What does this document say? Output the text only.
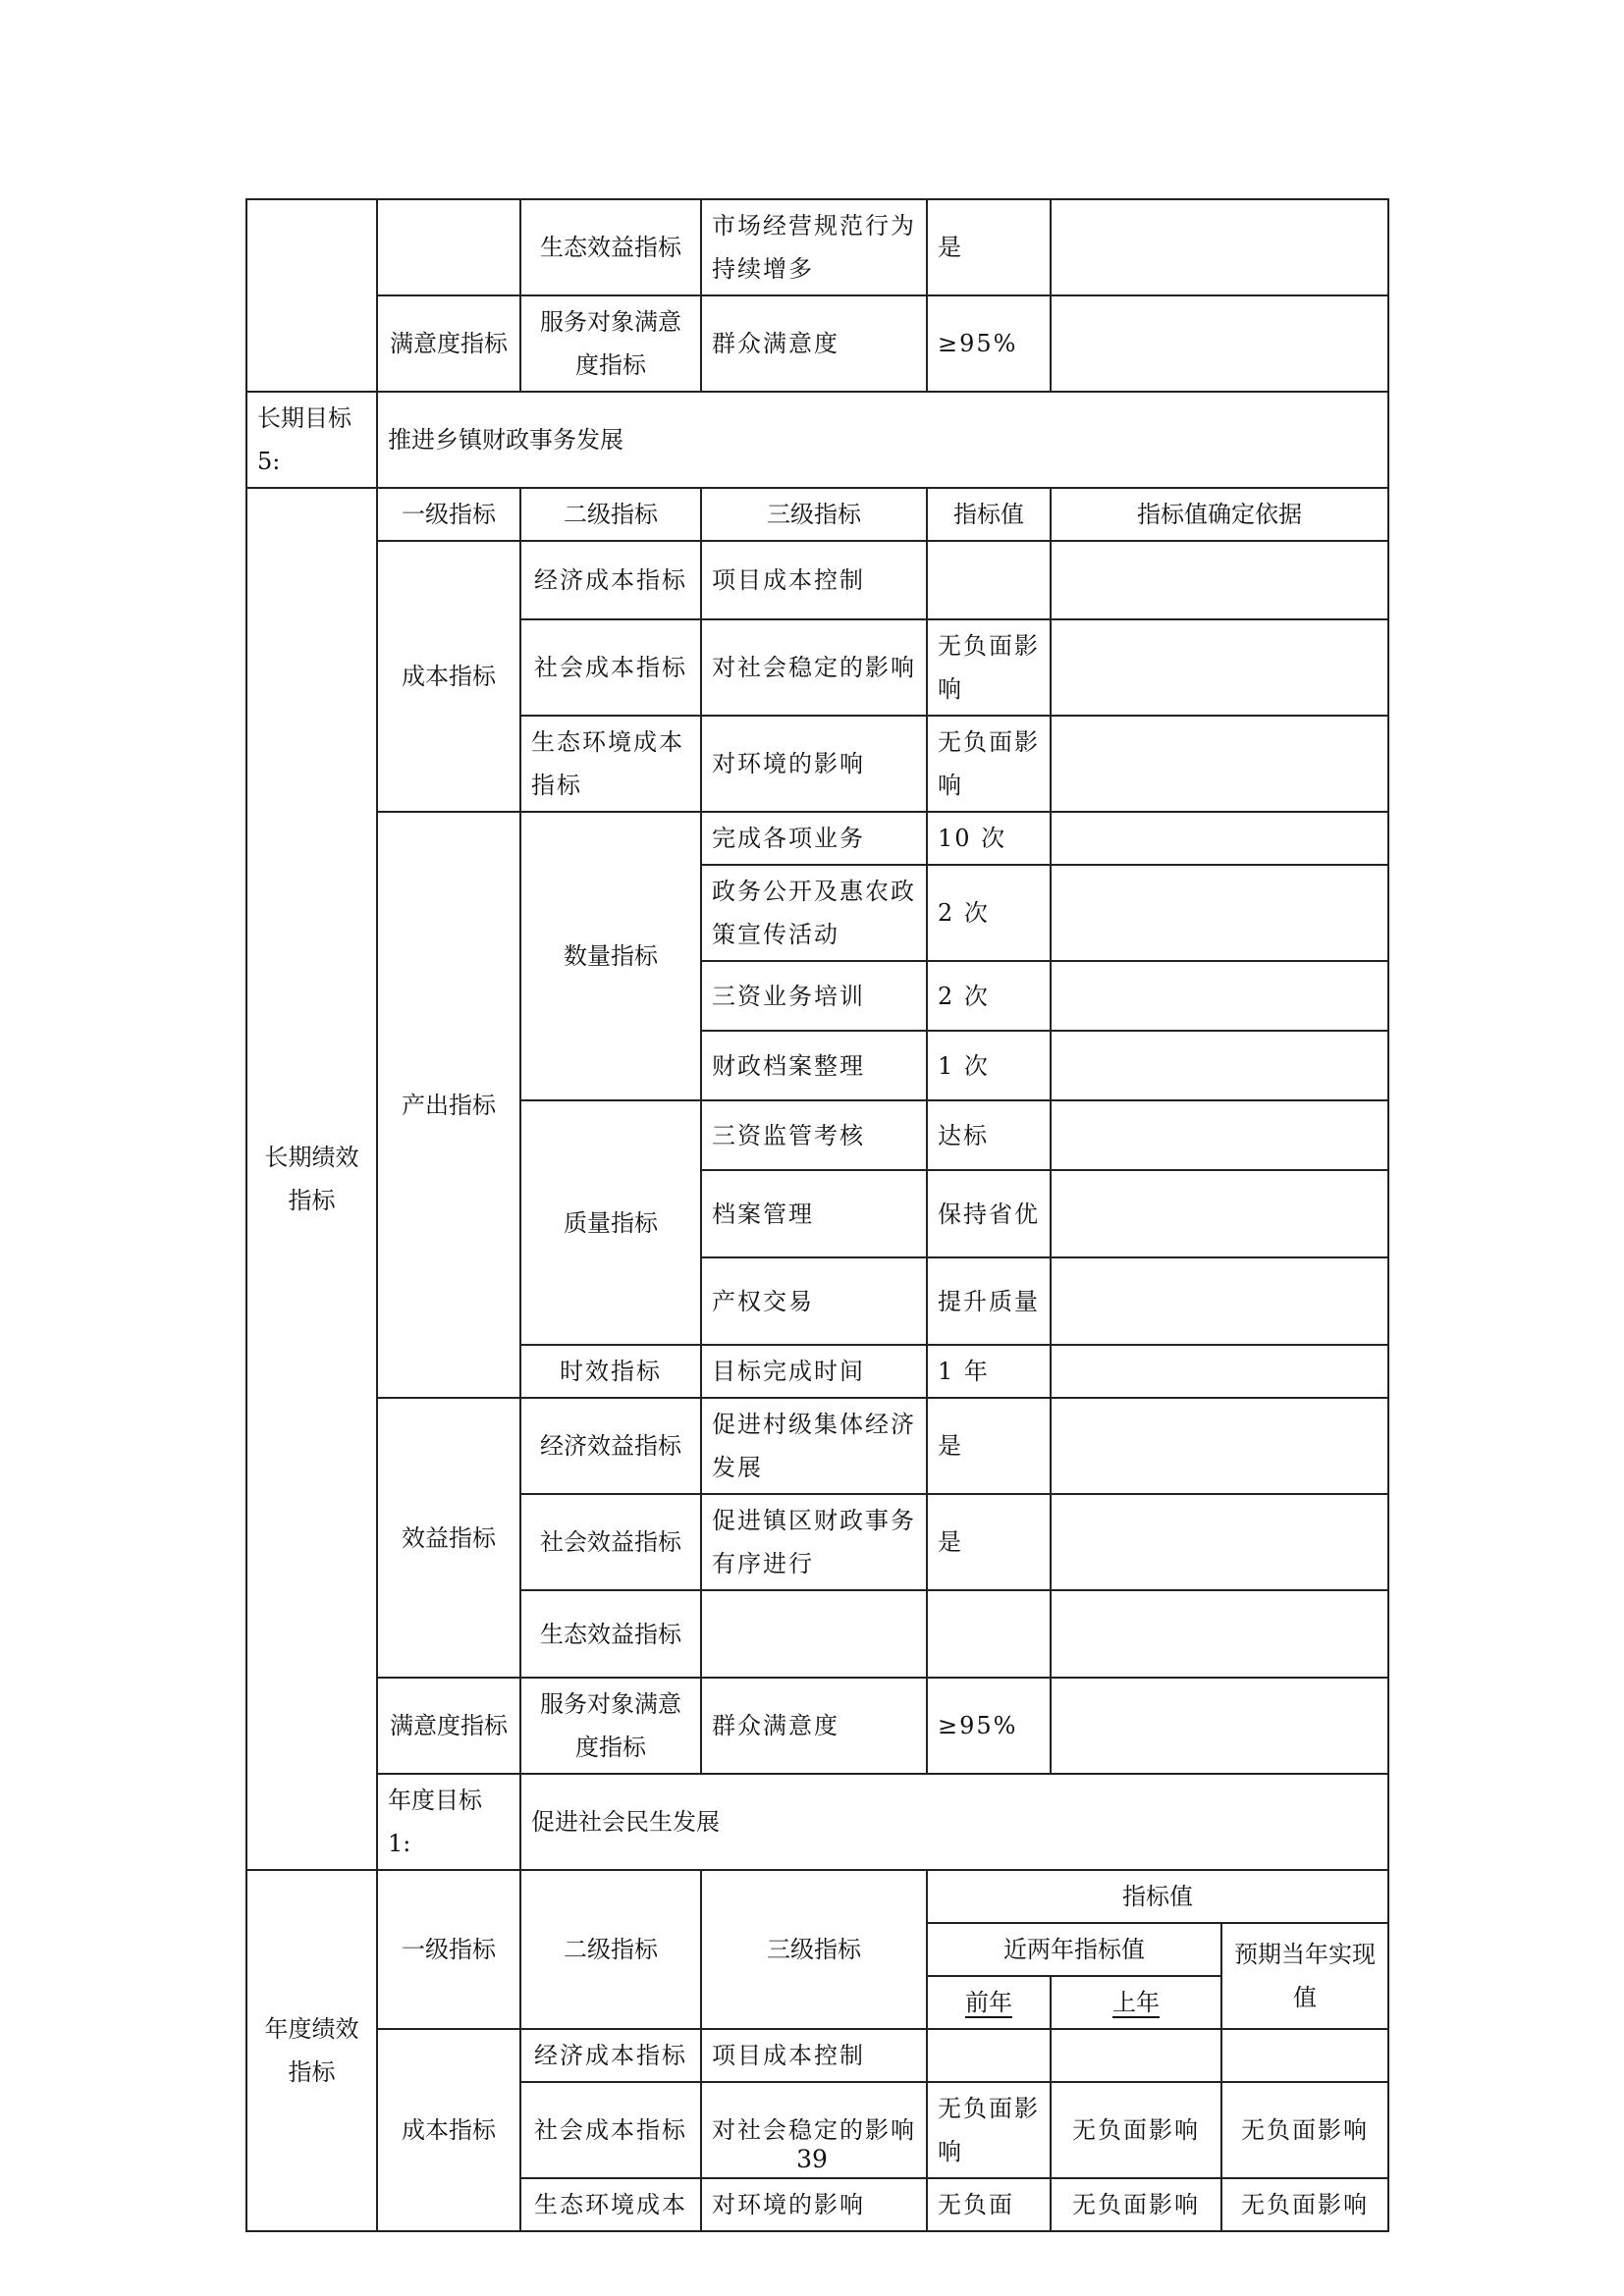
		生态效益指标	市场经营规范行为持续增多	是		
	满意度指标	服务对象满意度指标	群众满意度	≥95%		
长期目标 5:	推进乡镇财政事务发展					
长期绩效指标	一级指标	二级指标	三级指标	指标值	指标值确定依据	
	成本指标	经济成本指标	项目成本控制			
		社会成本指标	对社会稳定的影响	无负面影响		
		生态环境成本指标	对环境的影响	无负面影响		
	产出指标	数量指标	完成各项业务	10 次		
			政务公开及惠农政策宣传活动	2 次		
			三资业务培训	2 次		
			财政档案整理	1 次		
		质量指标	三资监管考核	达标		
			档案管理	保持省优		
			产权交易	提升质量		
		时效指标	目标完成时间	1 年		
	效益指标	经济效益指标	促进村级集体经济发展	是		
		社会效益指标	促进镇区财政事务有序进行	是		
		生态效益指标				
	满意度指标	服务对象满意度指标	群众满意度	≥95%		
	年度目标 1:	促进社会民生发展				
年度绩效指标	一级指标	二级指标	三级指标	指标值		
				近两年指标值		预期当年实现值
				前年	上年	
	成本指标	经济成本指标	项目成本控制			
		社会成本指标	对社会稳定的影响	无负面影响	无负面影响	无负面影响
		生态环境成本	对环境的影响	无负面	无负面影响	无负面影响
39
